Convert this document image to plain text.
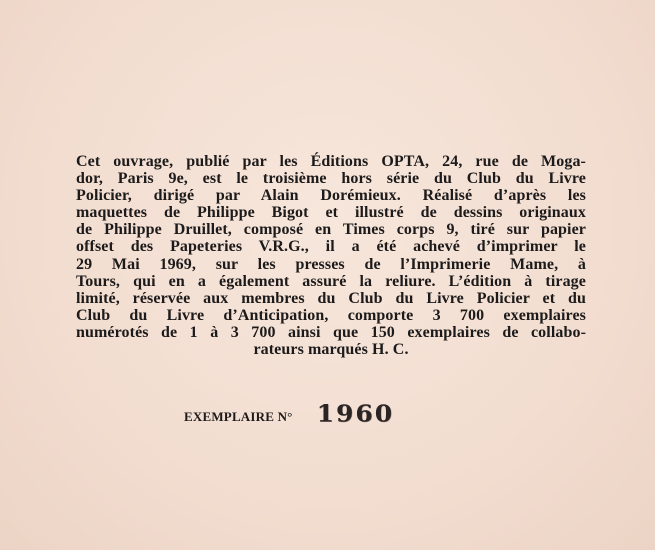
Cet ouvrage, publié par les Éditions OPTA, 24, rue de Moga-
dor, Paris 9e, est le troisième hors série du Club du Livre
Policier, dirigé par Alain Dorémieux. Réalisé d’après les
maquettes de Philippe Bigot et illustré de dessins originaux
de Philippe Druillet, composé en Times corps 9, tiré sur papier
offset des Papeteries V.R.G., il a été achevé d’imprimer le
29 Mai 1969, sur les presses de l’Imprimerie Mame, à
Tours, qui en a également assuré la reliure. L’édition à tirage
limité, réservée aux membres du Club du Livre Policier et du
Club du Livre d’Anticipation, comporte 3 700 exemplaires
numérotés de 1 à 3 700 ainsi que 150 exemplaires de collabo-
rateurs marqués H. C.
EXEMPLAIRE N° 1960
